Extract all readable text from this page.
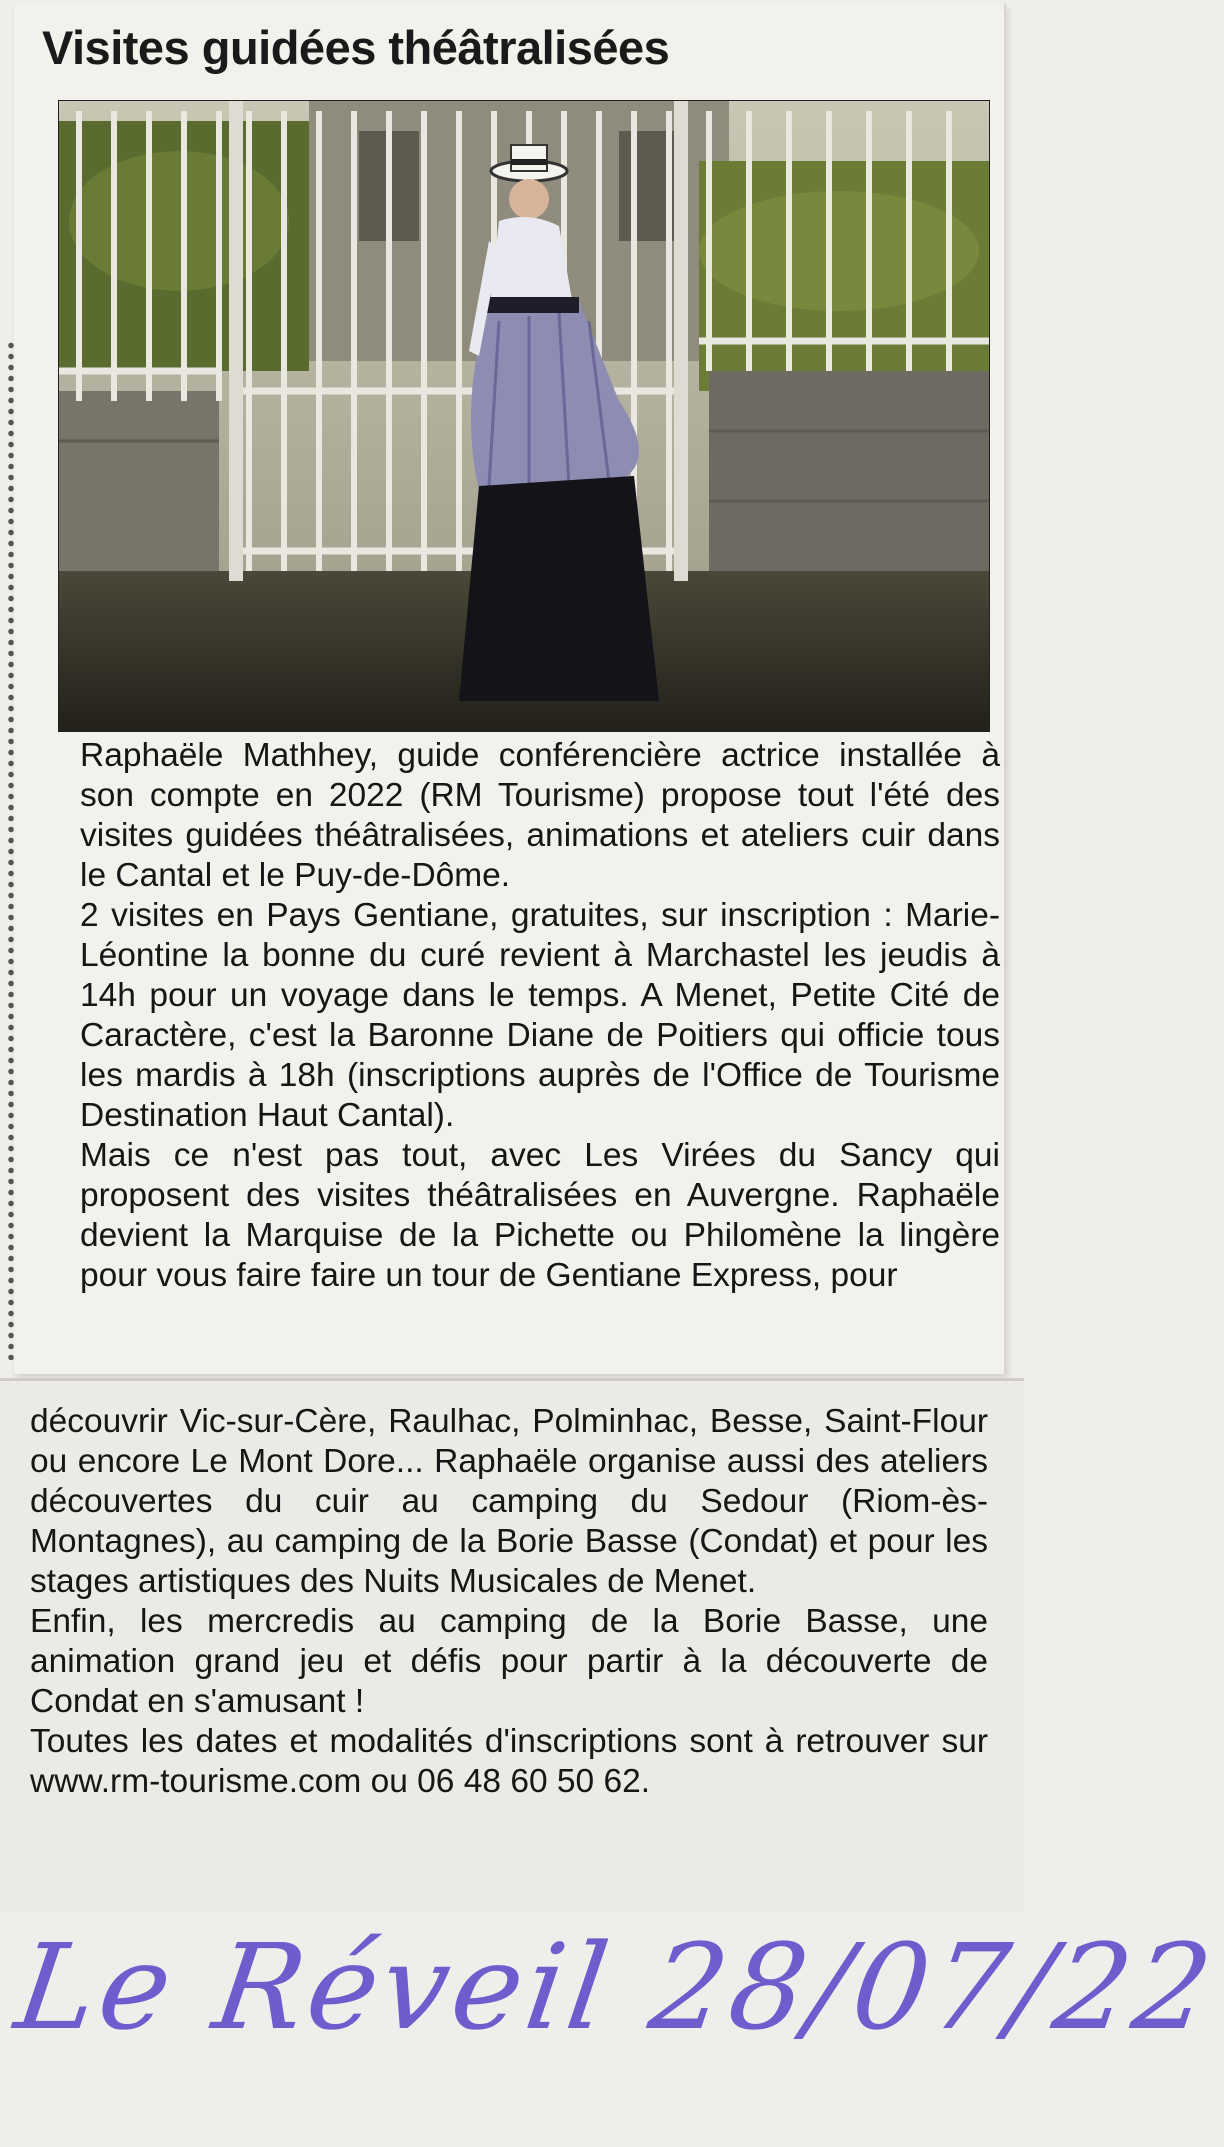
Visites guidées théâtralisées

Raphaële Mathhey, guide conférencière actrice installée à son compte en 2022 (RM Tourisme) propose tout l'été des visites guidées théâtralisées, animations et ateliers cuir dans le Cantal et le Puy-de-Dôme.

2 visites en Pays Gentiane, gratuites, sur inscription : Marie-Léontine la bonne du curé revient à Marchastel les jeudis à 14h pour un voyage dans le temps. A Menet, Petite Cité de Caractère, c'est la Baronne Diane de Poitiers qui officie tous les mardis à 18h (inscriptions auprès de l'Office de Tourisme Destination Haut Cantal).

Mais ce n'est pas tout, avec Les Virées du Sancy qui proposent des visites théâtralisées en Auvergne. Raphaële devient la Marquise de la Pichette ou Philomène la lingère pour vous faire faire un tour de Gentiane Express, pour

découvrir Vic-sur-Cère, Raulhac, Polminhac, Besse, Saint-Flour ou encore Le Mont Dore... Raphaële organise aussi des ateliers découvertes du cuir au camping du Sedour (Riom-ès-Montagnes), au camping de la Borie Basse (Condat) et pour les stages artistiques des Nuits Musicales de Menet.

Enfin, les mercredis au camping de la Borie Basse, une animation grand jeu et défis pour partir à la découverte de Condat en s'amusant !

Toutes les dates et modalités d'inscriptions sont à retrouver sur www.rm-tourisme.com ou 06 48 60 50 62.

Le Réveil 28/07/22
